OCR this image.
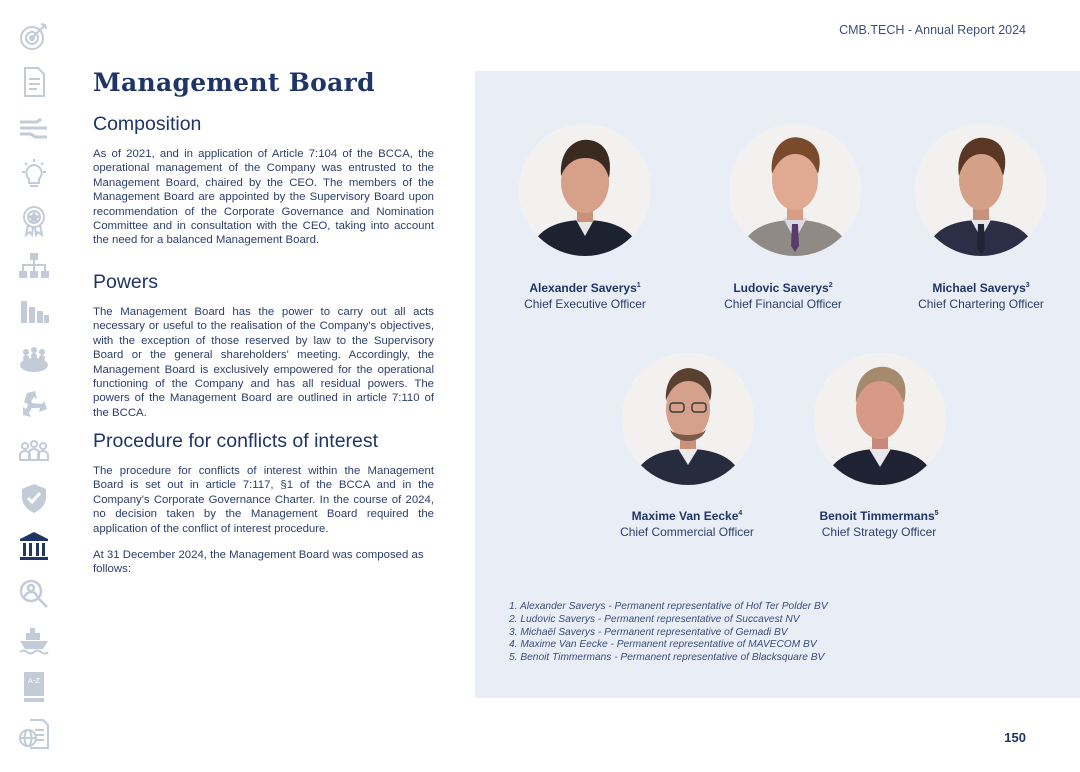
A-Z
CMB.TECH - Annual Report 2024
Management Board
Composition
As of 2021, and in application of Article 7:104 of the BCCA, the operational management of the Company was entrusted to the Management Board, chaired by the CEO. The members of the Management Board are appointed by the Supervisory Board upon recommendation of the Corporate Governance and Nomination Committee and in consultation with the CEO, taking into account the need for a balanced Management Board.
Powers
The Management Board has the power to carry out all acts necessary or useful to the realisation of the Company's objectives, with the exception of those reserved by law to the Supervisory Board or the general shareholders' meeting. Accordingly, the Management Board is exclusively empowered for the operational functioning of the Company and has all residual powers. The powers of the Management Board are outlined in article 7:110 of the BCCA.
Procedure for conflicts of interest
The procedure for conflicts of interest within the Management Board is set out in article 7:117, §1 of the BCCA and in the Company's Corporate Governance Charter. In the course of 2024, no decision taken by the Management Board required the application of the conflict of interest procedure.
At 31 December 2024, the Management Board was composed as follows:
Alexander Saverys$^1$
Chief Executive Officer
Ludovic Saverys$^2$
Chief Financial Officer
Michael Saverys$^3$
Chief Chartering Officer
Maxime Van Eecke$^4$
Chief Commercial Officer
Benoit Timmermans$^5$
Chief Strategy Officer
1. Alexander Saverys - Permanent representative of Hof Ter Polder BV
2. Ludovic Saverys - Permanent representative of Succavest NV
3. Michaël Saverys - Permanent representative of Gemadi BV
4. Maxime Van Eecke - Permanent representative of MAVECOM BV
5. Benoit Timmermans - Permanent representative of Blacksquare BV
150
